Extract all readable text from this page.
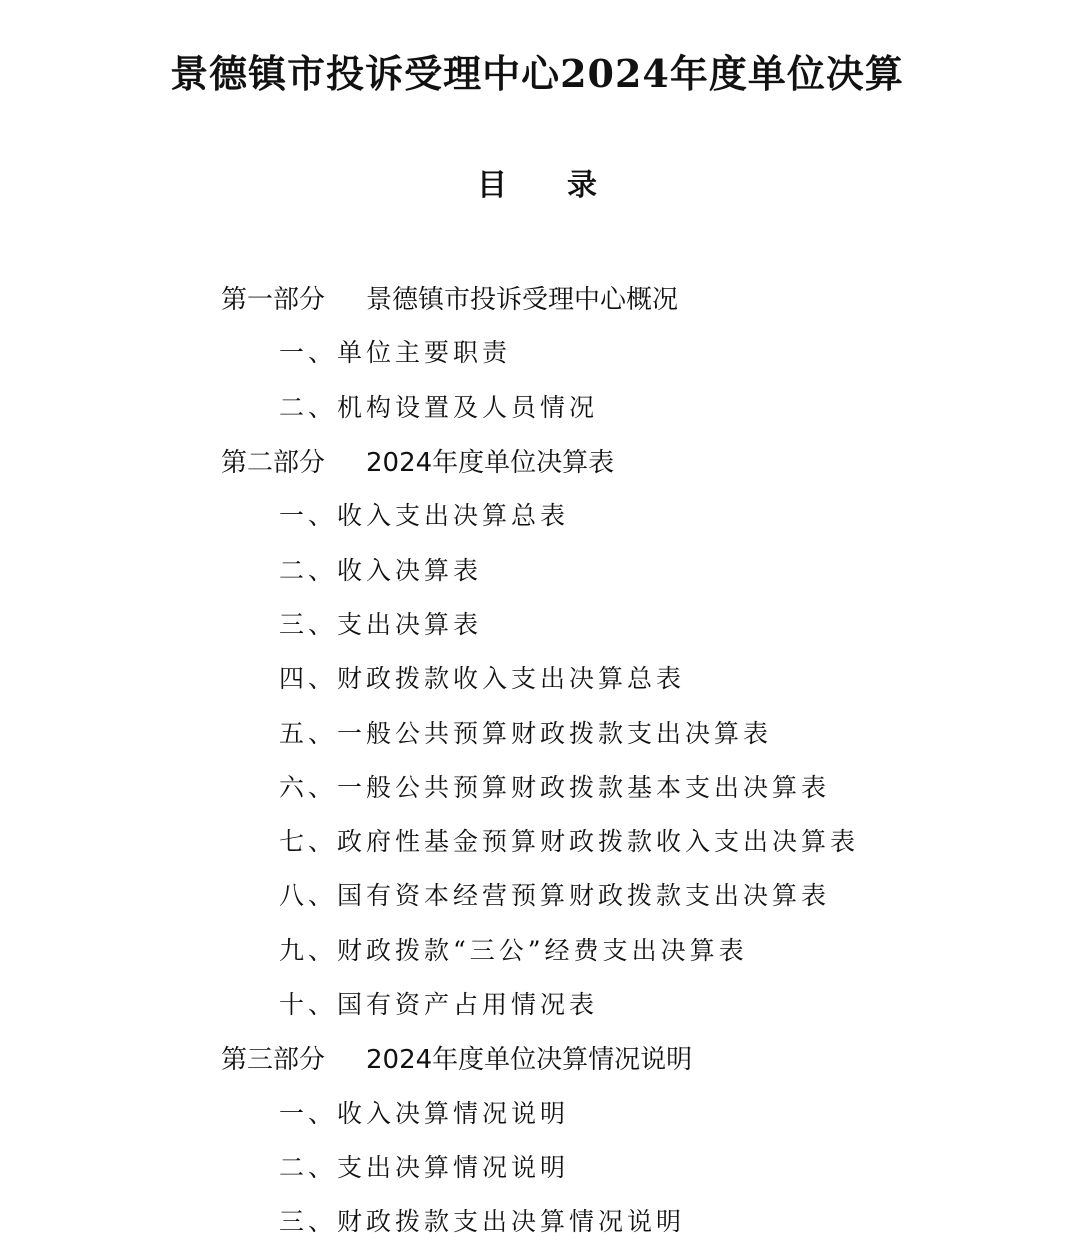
景德镇市投诉受理中心2024年度单位决算
目录
第一部分	景德镇市投诉受理中心概况
一、单位主要职责
二、机构设置及人员情况
第二部分	2024年度单位决算表
一、收入支出决算总表
二、收入决算表
三、支出决算表
四、财政拨款收入支出决算总表
五、一般公共预算财政拨款支出决算表
六、一般公共预算财政拨款基本支出决算表
七、政府性基金预算财政拨款收入支出决算表
八、国有资本经营预算财政拨款支出决算表
九、财政拨款“三公”经费支出决算表
十、国有资产占用情况表
第三部分	2024年度单位决算情况说明
一、收入决算情况说明
二、支出决算情况说明
三、财政拨款支出决算情况说明
